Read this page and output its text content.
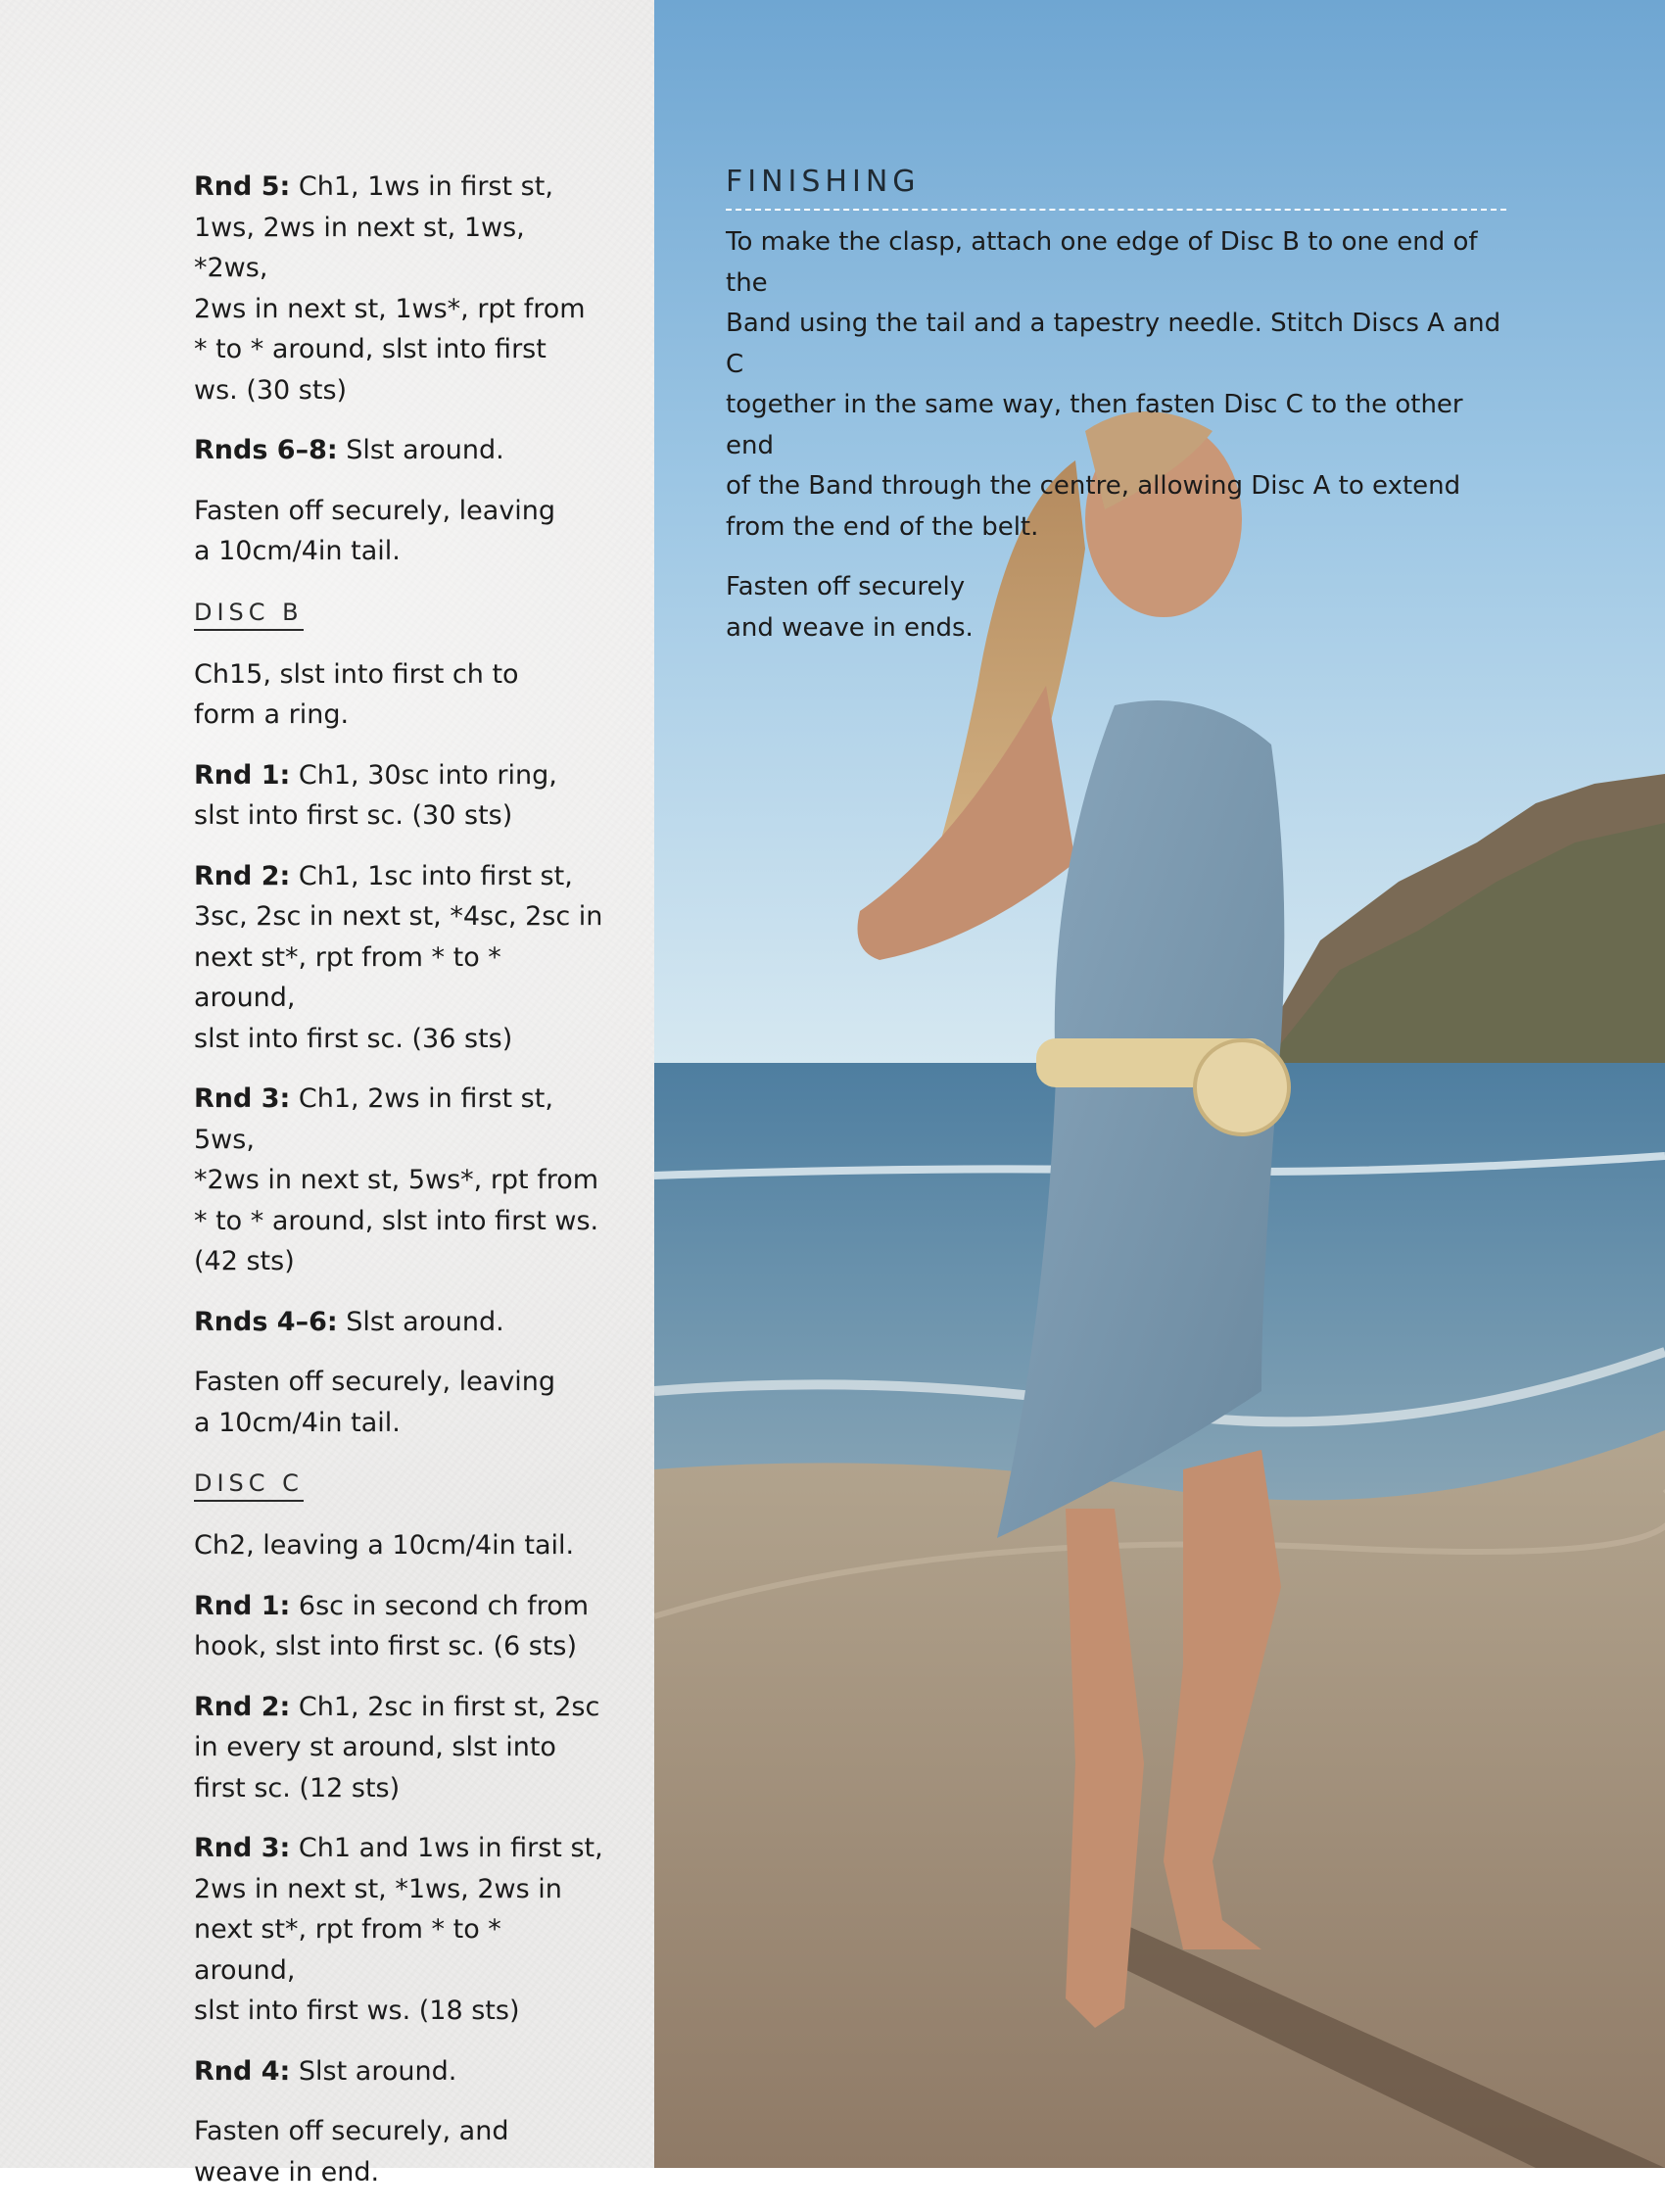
Rnd 5: Ch1, 1ws in first st,
1ws, 2ws in next st, 1ws, *2ws,
2ws in next st, 1ws*, rpt from
* to * around, slst into first
ws. (30 sts)

Rnds 6–8: Slst around.

Fasten off securely, leaving
a 10cm/4in tail.

DISC B

Ch15, slst into first ch to
form a ring.

Rnd 1: Ch1, 30sc into ring,
slst into first sc. (30 sts)

Rnd 2: Ch1, 1sc into first st,
3sc, 2sc in next st, *4sc, 2sc in
next st*, rpt from * to * around,
slst into first sc. (36 sts)

Rnd 3: Ch1, 2ws in first st, 5ws,
*2ws in next st, 5ws*, rpt from
* to * around, slst into first ws.
(42 sts)

Rnds 4–6: Slst around.

Fasten off securely, leaving
a 10cm/4in tail.

DISC C

Ch2, leaving a 10cm/4in tail.

Rnd 1: 6sc in second ch from
hook, slst into first sc. (6 sts)

Rnd 2: Ch1, 2sc in first st, 2sc
in every st around, slst into
first sc. (12 sts)

Rnd 3: Ch1 and 1ws in first st,
2ws in next st, *1ws, 2ws in
next st*, rpt from * to * around,
slst into first ws. (18 sts)

Rnd 4: Slst around.

Fasten off securely, and
weave in end.

FINISHING

To make the clasp, attach one edge of Disc B to one end of the
Band using the tail and a tapestry needle. Stitch Discs A and C
together in the same way, then fasten Disc C to the other end
of the Band through the centre, allowing Disc A to extend
from the end of the belt.

Fasten off securely
and weave in ends.
